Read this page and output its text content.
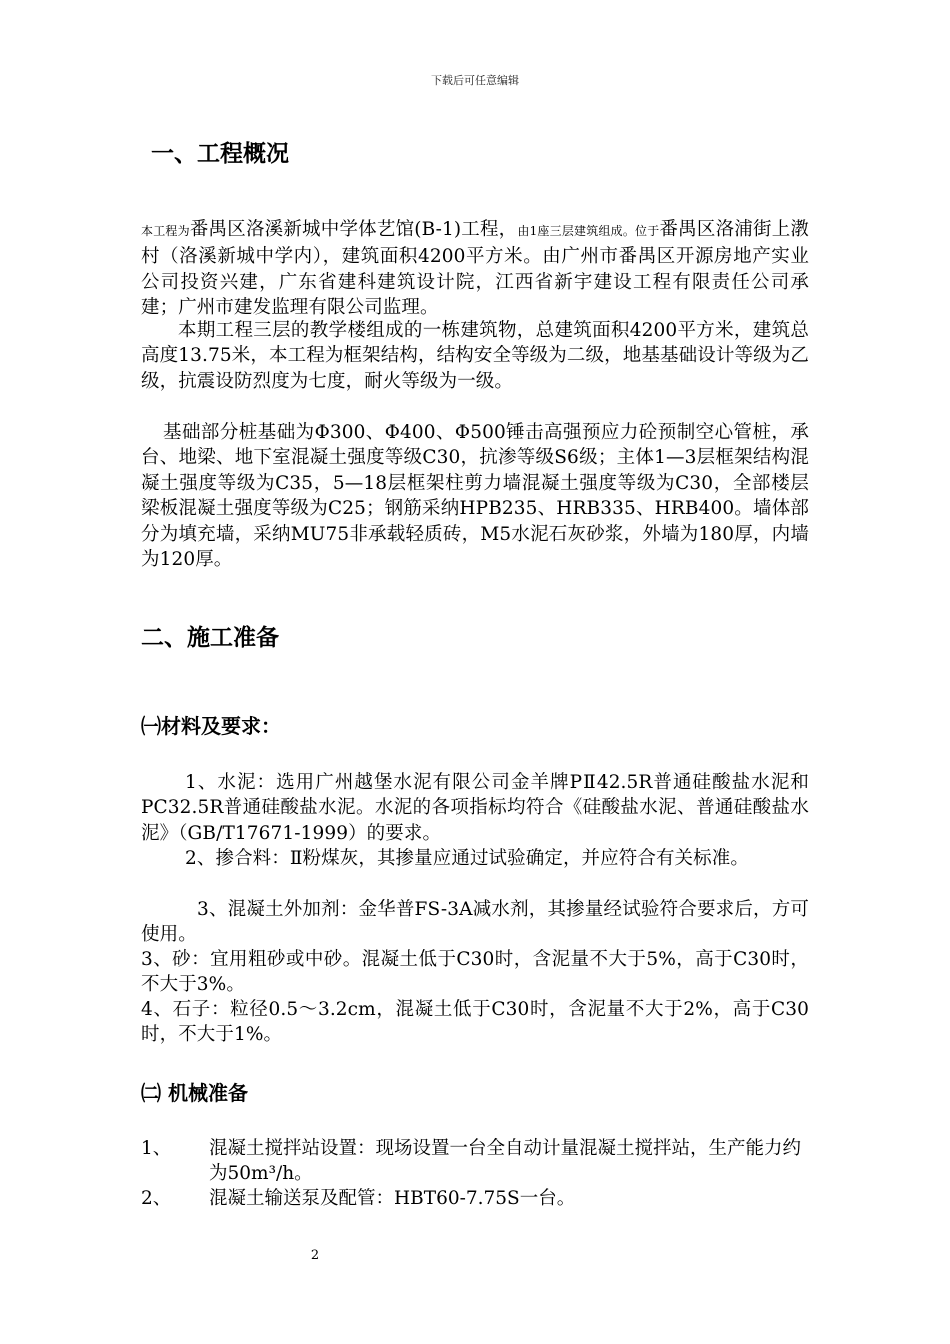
下载后可任意编辑
一、工程概况
本工程为番禺区洛溪新城中学体艺馆(B-1)工程，由1座三层建筑组成。位于番禺区洛浦街上漖村（洛溪新城中学内），建筑面积4200平方米。由广州市番禺区开源房地产实业公司投资兴建，广东省建科建筑设计院，江西省新宇建设工程有限责任公司承建；广州市建发监理有限公司监理。
本期工程三层的教学楼组成的一栋建筑物，总建筑面积4200平方米，建筑总高度13.75米，本工程为框架结构，结构安全等级为二级，地基基础设计等级为乙级，抗震设防烈度为七度，耐火等级为一级。
基础部分桩基础为Φ300、Φ400、Φ500锤击高强预应力砼预制空心管桩，承台、地梁、地下室混凝土强度等级C30，抗渗等级S6级；主体1—3层框架结构混凝土强度等级为C35，5—18层框架柱剪力墙混凝土强度等级为C30，全部楼层梁板混凝土强度等级为C25；钢筋采纳HPB235、HRB335、HRB400。墙体部分为填充墙，采纳MU75非承载轻质砖，M5水泥石灰砂浆，外墙为180厚，内墙为120厚。
二、施工准备
㈠材料及要求：
1、水泥：选用广州越堡水泥有限公司金羊牌PⅡ42.5R普通硅酸盐水泥和PC32.5R普通硅酸盐水泥。水泥的各项指标均符合《硅酸盐水泥、普通硅酸盐水泥》（GB/T17671-1999）的要求。
2、掺合料：Ⅱ粉煤灰，其掺量应通过试验确定，并应符合有关标准。
3、混凝土外加剂：金华普FS-3A减水剂，其掺量经试验符合要求后，方可使用。
3、砂：宜用粗砂或中砂。混凝土低于C30时，含泥量不大于5%，高于C30时，不大于3%。
4、石子：粒径0.5～3.2cm，混凝土低于C30时，含泥量不大于2%，高于C30时，不大于1%。
㈡ 机械准备
1、	混凝土搅拌站设置：现场设置一台全自动计量混凝土搅拌站，生产能力约为50m³/h。
2、	混凝土输送泵及配管：HBT60-7.75S一台。
2
